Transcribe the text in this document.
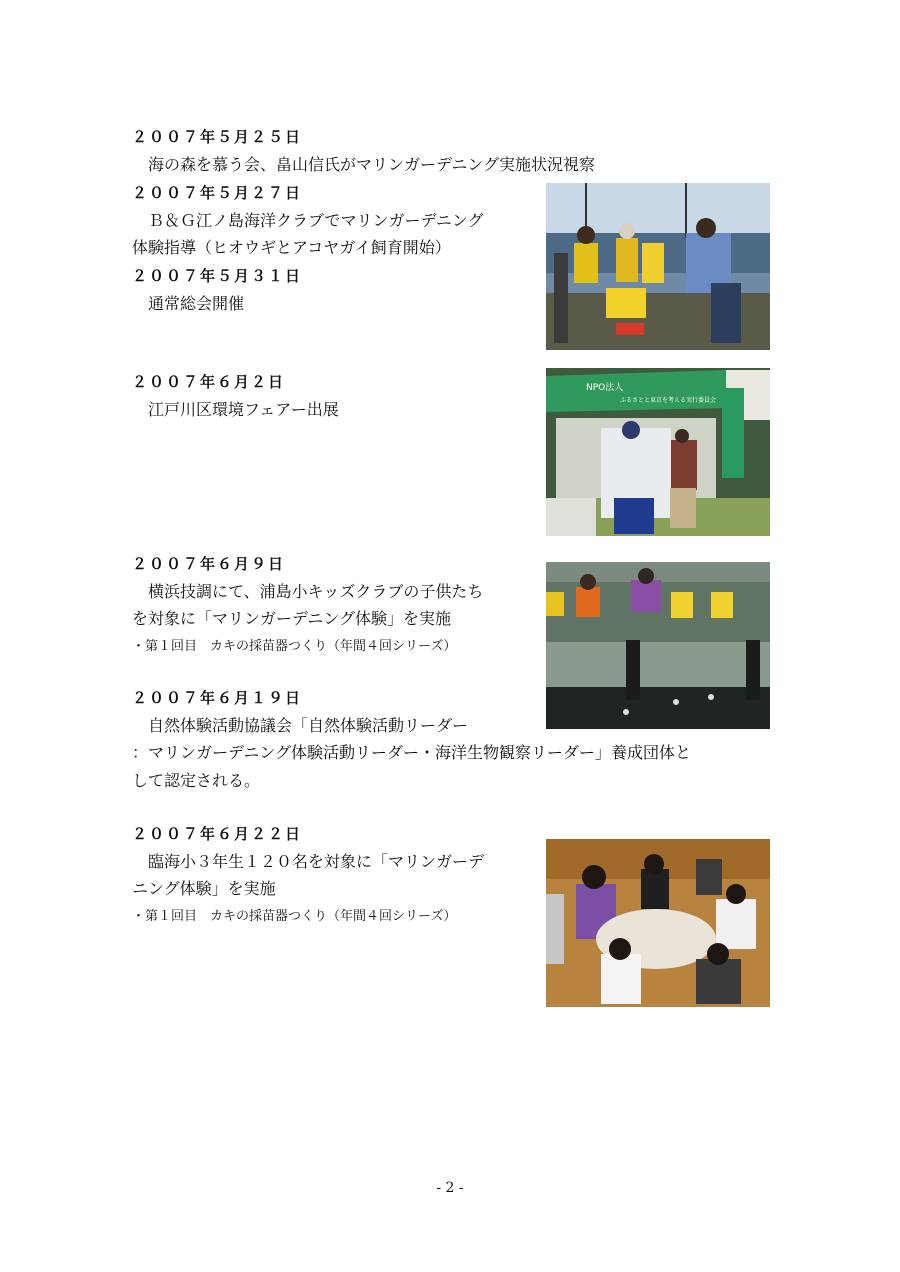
２００７年５月２５日
海の森を慕う会、畠山信氏がマリンガーデニング実施状況視察
２００７年５月２７日
Ｂ＆Ｇ江ノ島海洋クラブでマリンガーデニング
体験指導（ヒオウギとアコヤガイ飼育開始）
２００７年５月３１日
通常総会開催
２００７年６月２日
江戸川区環境フェアー出展
２００７年６月９日
横浜技調にて、浦島小キッズクラブの子供たち
を対象に「マリンガーデニング体験」を実施
・第１回目　カキの採苗器つくり（年間４回シリーズ）
２００７年６月１９日
自然体験活動協議会「自然体験活動リーダー
：マリンガーデニング体験活動リーダー・海洋生物観察リーダー」養成団体と
して認定される。
２００７年６月２２日
臨海小３年生１２０名を対象に「マリンガーデ
ニング体験」を実施
・第１回目　カキの採苗器つくり（年間４回シリーズ）
NPO法人
ふるさとと東京を考える実行委員会
- 2 -
